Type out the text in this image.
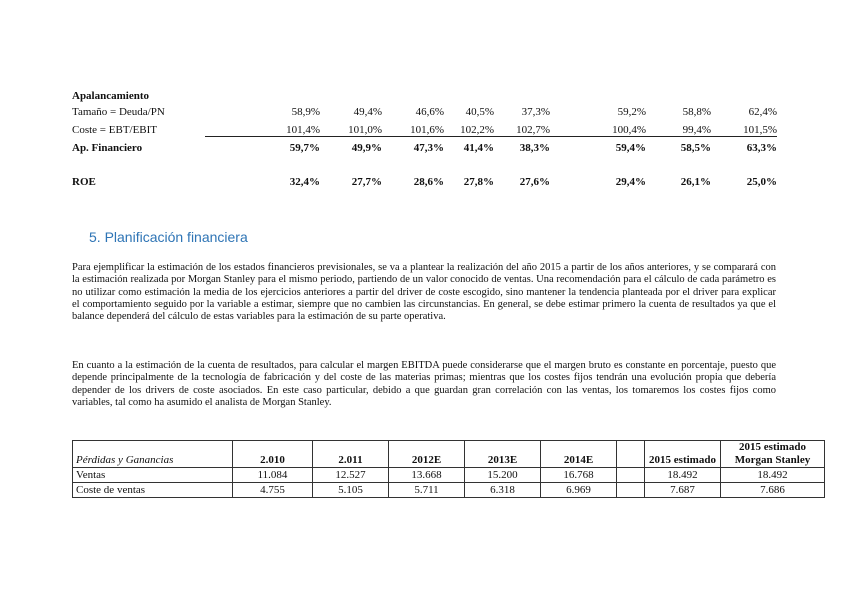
Apalancamiento
Tamaño = Deuda/PN	58,9%	49,4%	46,6%	40,5%	37,3%	59,2%	58,8%	62,4%
Coste = EBT/EBIT	101,4%	101,0%	101,6%	102,2%	102,7%	100,4%	99,4%	101,5%
Ap. Financiero	59,7%	49,9%	47,3%	41,4%	38,3%	59,4%	58,5%	63,3%
ROE	32,4%	27,7%	28,6%	27,8%	27,6%	29,4%	26,1%	25,0%
5. Planificación financiera

Para ejemplificar la estimación de los estados financieros previsionales, se va a plantear la realización del año 2015 a partir de los años anteriores, y se comparará con la estimación realizada por Morgan Stanley para el mismo periodo, partiendo de un valor conocido de ventas. Una recomendación para el cálculo de cada parámetro es no utilizar como estimación la media de los ejercicios anteriores a partir del driver de coste escogido, sino mantener la tendencia planteada por el driver para explicar el comportamiento seguido por la variable a estimar, siempre que no cambien las circunstancias. En general, se debe estimar primero la cuenta de resultados ya que el balance dependerá del cálculo de estas variables para la estimación de su parte operativa.

En cuanto a la estimación de la cuenta de resultados, para calcular el margen EBITDA puede considerarse que el margen bruto es constante en porcentaje, puesto que depende principalmente de la tecnología de fabricación y del coste de las materias primas; mientras que los costes fijos tendrán una evolución propia que debería depender de los drivers de coste asociados. En este caso particular, debido a que guardan gran correlación con las ventas, los tomaremos los costes fijos como variables, tal como ha asumido el analista de Morgan Stanley.

Pérdidas y Ganancias	2.010	2.011	2012E	2013E	2014E		2015 estimado	2015 estimado Morgan Stanley
Ventas	11.084	12.527	13.668	15.200	16.768		18.492	18.492
Coste de ventas	4.755	5.105	5.711	6.318	6.969		7.687	7.686
